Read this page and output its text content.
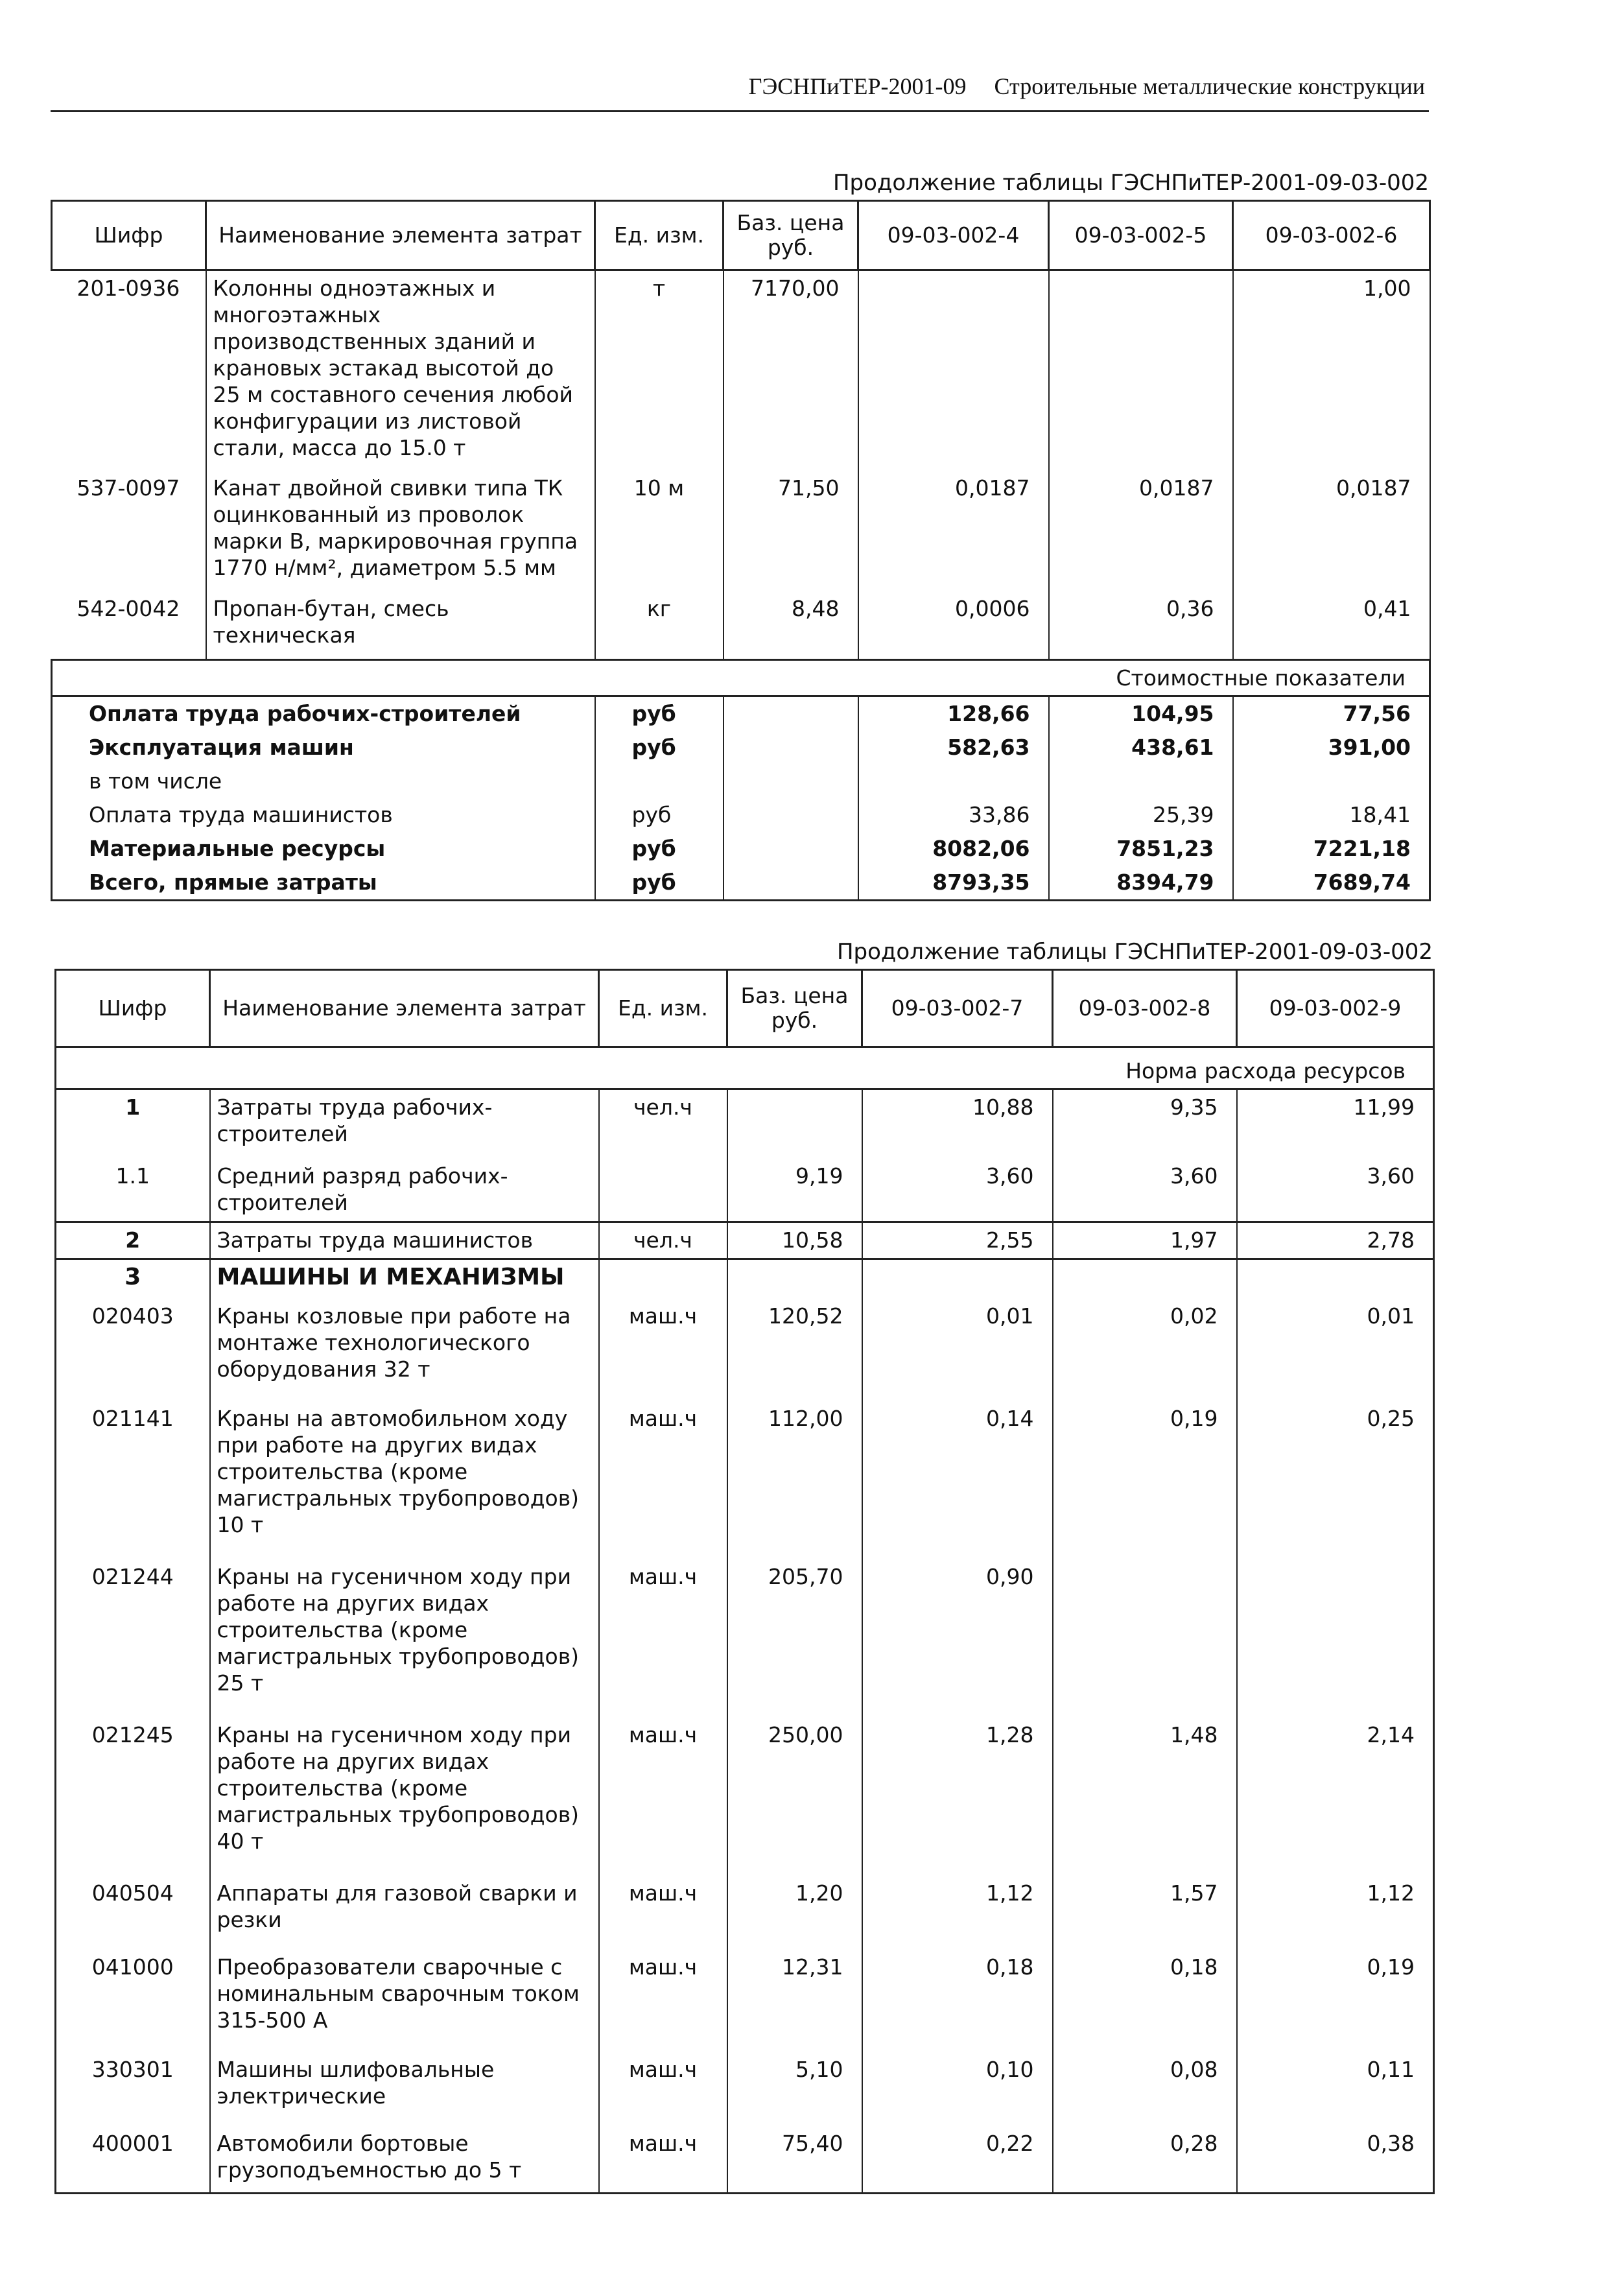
ГЭСНПиТЕР-2001-09 Строительные металлические конструкции
Продолжение таблицы ГЭСНПиТЕР-2001-09-03-002
Шифр	Наименование элемента затрат	Ед. изм.	Баз. цена руб.	09-03-002-4	09-03-002-5	09-03-002-6
201-0936	Колонны одноэтажных и многоэтажных производственных зданий и крановых эстакад высотой до 25 м составного сечения любой конфигурации из листовой стали, масса до 15.0 т	т	7170,00			1,00
537-0097	Канат двойной свивки типа ТК оцинкованный из проволок марки В, маркировочная группа 1770 н/мм², диаметром 5.5 мм	10 м	71,50	0,0187	0,0187	0,0187
542-0042	Пропан-бутан, смесь техническая	кг	8,48	0,0006	0,36	0,41
Стоимостные показатели						
Оплата труда рабочих-строителей		руб		128,66	104,95	77,56
Эксплуатация машин		руб		582,63	438,61	391,00
в том числе						
Оплата труда машинистов		руб		33,86	25,39	18,41
Материальные ресурсы		руб		8082,06	7851,23	7221,18
Всего, прямые затраты		руб		8793,35	8394,79	7689,74
Продолжение таблицы ГЭСНПиТЕР-2001-09-03-002
Шифр	Наименование элемента затрат	Ед. изм.	Баз. цена руб.	09-03-002-7	09-03-002-8	09-03-002-9
Норма расхода ресурсов						
1	Затраты труда рабочих-строителей	чел.ч		10,88	9,35	11,99
1.1	Средний разряд рабочих-строителей		9,19	3,60	3,60	3,60
2	Затраты труда машинистов	чел.ч	10,58	2,55	1,97	2,78
3	МАШИНЫ И МЕХАНИЗМЫ					
020403	Краны козловые при работе на монтаже технологического оборудования 32 т	маш.ч	120,52	0,01	0,02	0,01
021141	Краны на автомобильном ходу при работе на других видах строительства (кроме магистральных трубопроводов) 10 т	маш.ч	112,00	0,14	0,19	0,25
021244	Краны на гусеничном ходу при работе на других видах строительства (кроме магистральных трубопроводов) 25 т	маш.ч	205,70	0,90		
021245	Краны на гусеничном ходу при работе на других видах строительства (кроме магистральных трубопроводов) 40 т	маш.ч	250,00	1,28	1,48	2,14
040504	Аппараты для газовой сварки и резки	маш.ч	1,20	1,12	1,57	1,12
041000	Преобразователи сварочные с номинальным сварочным током 315-500 А	маш.ч	12,31	0,18	0,18	0,19
330301	Машины шлифовальные электрические	маш.ч	5,10	0,10	0,08	0,11
400001	Автомобили бортовые грузоподъемностью до 5 т	маш.ч	75,40	0,22	0,28	0,38
